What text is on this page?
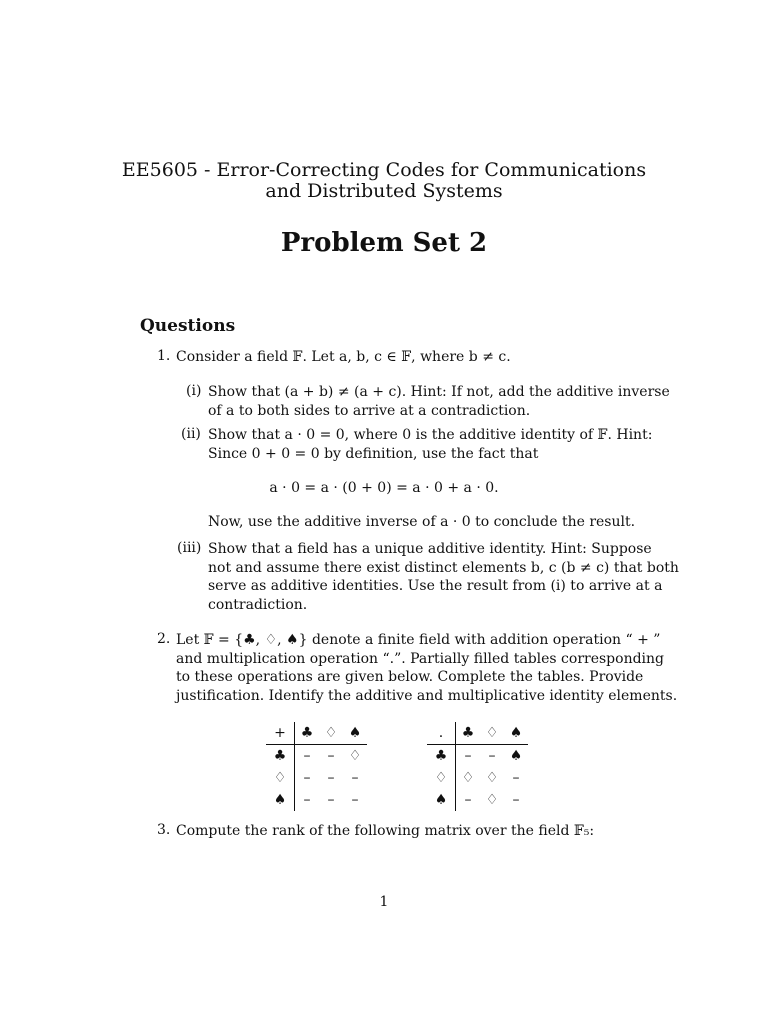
EE5605 - Error-Correcting Codes for Communications
and Distributed Systems
Problem Set 2
Questions
1. Consider a field 𝔽. Let a, b, c ∈ 𝔽, where b ≠ c.
(i) Show that (a + b) ≠ (a + c). Hint: If not, add the additive inverse
of a to both sides to arrive at a contradiction.
(ii) Show that a · 0 = 0, where 0 is the additive identity of 𝔽. Hint:
Since 0 + 0 = 0 by definition, use the fact that
a · 0 = a · (0 + 0) = a · 0 + a · 0.
Now, use the additive inverse of a · 0 to conclude the result.
(iii) Show that a field has a unique additive identity. Hint: Suppose
not and assume there exist distinct elements b, c (b ≠ c) that both
serve as additive identities. Use the result from (i) to arrive at a
contradiction.
2. Let 𝔽 = {♣, ♢, ♠} denote a finite field with addition operation “ + ”
and multiplication operation “.”. Partially filled tables corresponding
to these operations are given below. Complete the tables. Provide
justification. Identify the additive and multiplicative identity elements.
+	♣	♢	♠
♣	–	–	♢
♢	–	–	–
♠	–	–	–
.	♣	♢	♠
♣	–	–	♠
♢	♢	♢	–
♠	–	♢	–
3. Compute the rank of the following matrix over the field 𝔽₅:
1
